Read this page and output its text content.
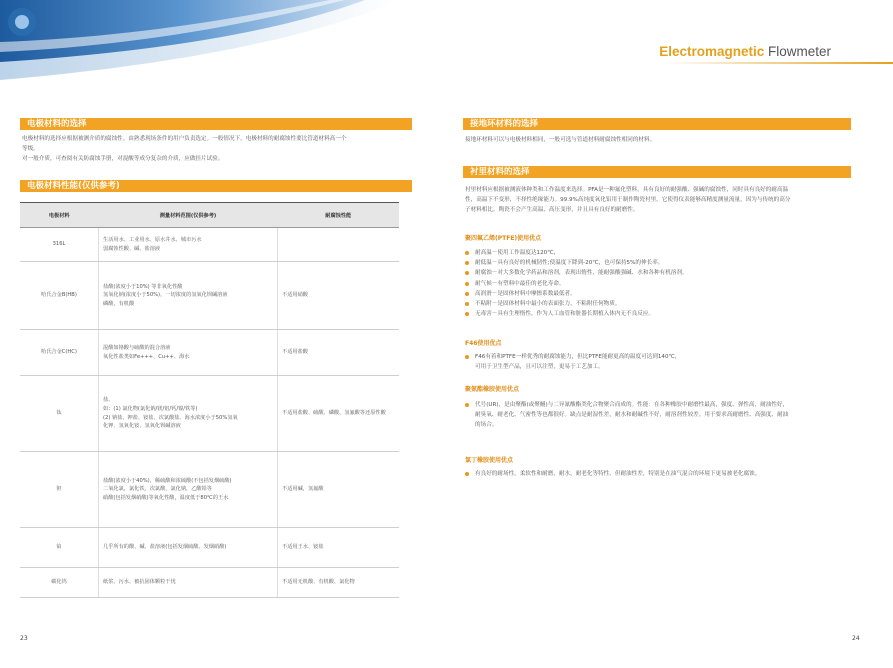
Electromagnetic Flowmeter
电极材料的选择
电极材料的选择应根据被测介质的腐蚀性。由熟悉现场条件的用户负责选定。一般情况下，电极材料的耐腐蚀性要比管道材料高一个
等级。
对一般介质，可查阅有关防腐蚀手册，对混酸等成分复杂的介质，应做挂片试验。
电极材料性能(仅供参考)
电极材料	测量材料范围(仅供参考)	耐腐蚀性能
316L	生活用水、工业用水、原水井水、城市污水
弱腐蚀性酸、碱、盐溶液	

哈氏合金B(HB)	盐酸(浓度小于10%) 等非氧化性酸
氢氧化钠(浓度小于50%)，一切浓度的氢氧化钡碱溶液
磷酸，有机酸	不适用硝酸
哈氏合金C(HC)	混酸如铬酸与硫酸的混合溶液
氧化性盐类如Fe+++、Cu++、海水	不适用盐酸
钛	盐、
如：(1) 氯化物(氯化钠/镁/铝/钙/镍/铁等)
(2) 钠盐、钾盐、铵盐、次氯酸盐、海水浓度小于50%氢氧
化钾、氢氧化铵、氢氧化钡碱溶液	不适用盐酸、硫酸、磷酸、氢氟酸等还原性酸
钽	盐酸(浓度小于40%)，稀硫酸和浓硫酸(不包括发烟硫酸)
二氧化氯，氯化铁，次氯酸，氯化钠，乙酸铅等
硝酸(包括发烟硝酸)等氧化性酸，温度低于80℃的王水	不适用碱，氢氟酸
铂	几乎所有的酸、碱、盐溶液(包括发烟硫酸、发烟硝酸)	不适用王水、铵盐
碳化钨	纸浆、污水、被抗固体颗粒干忧	不适用无机酸、有机酸、氯化物
23
接地环材料的选择
接地环材料可以与电极材料相同，一般可选与管道材料耐腐蚀性相同的材料。
衬里材料的选择
衬里材料应根据被测液体种类和工作温度来选择。PFA是一种氟化塑料，具有良好的耐强酸、强碱的腐蚀性，同时具有良好的耐高温
性，高温下不变形，不择性绝缘能力。99.9%高纯度氧化铝用于制作陶瓷衬里，它使得仪表能够高精度测量流量，因为与传统的高分
子材料相比，陶瓷不会产生高温、高压变形，并且具有良好的耐磨性。
聚四氟乙烯(PTFE)使用优点
耐高温－使用工作温度达120℃，
耐低温－具有良好的机械韧性;使温度下降到-20℃，也可保持5%的伸长率。
耐腐蚀－对大多数化学药品和溶剂，表现出惰性、能耐强酸强碱、水和各种有机溶剂。
耐气候－有塑料中最佳的老化寿命。
高润滑－是固体材料中摩擦系数最低者。
不粘附－是固体材料中最小的表面张力，不粘附任何物质。
无毒害－具有生理惰性，作为人工血管和脏器长期植入体内无不良反应。
F46使用优点
F46有着和PTFE一样优秀的耐腐蚀能力，但比PTFE能耐更高的温度可达到140℃，
可用于卫生型产品，且可以注塑，更易于工艺加工。
聚氨酯橡胶使用优点
代号(UR)，是由聚酯(或聚醚)与二异氰酸酯类化合物聚合而成的。性能：在各种橡胶中耐磨性最高，强度、弹性高，耐油性好，
耐臭氧、耐老化、气密性等也都很好。缺点是耐湿性差，耐水和耐碱性不好，耐溶剂性较差。用于要求高耐磨性、高强度、耐油
的场合。
氯丁橡胶使用优点
有良好的耐场性，柔软性和耐磨，耐水，耐老化等特性，但耐油性差，特别是在油气混合的环境下更易被老化腐蚀。
24
